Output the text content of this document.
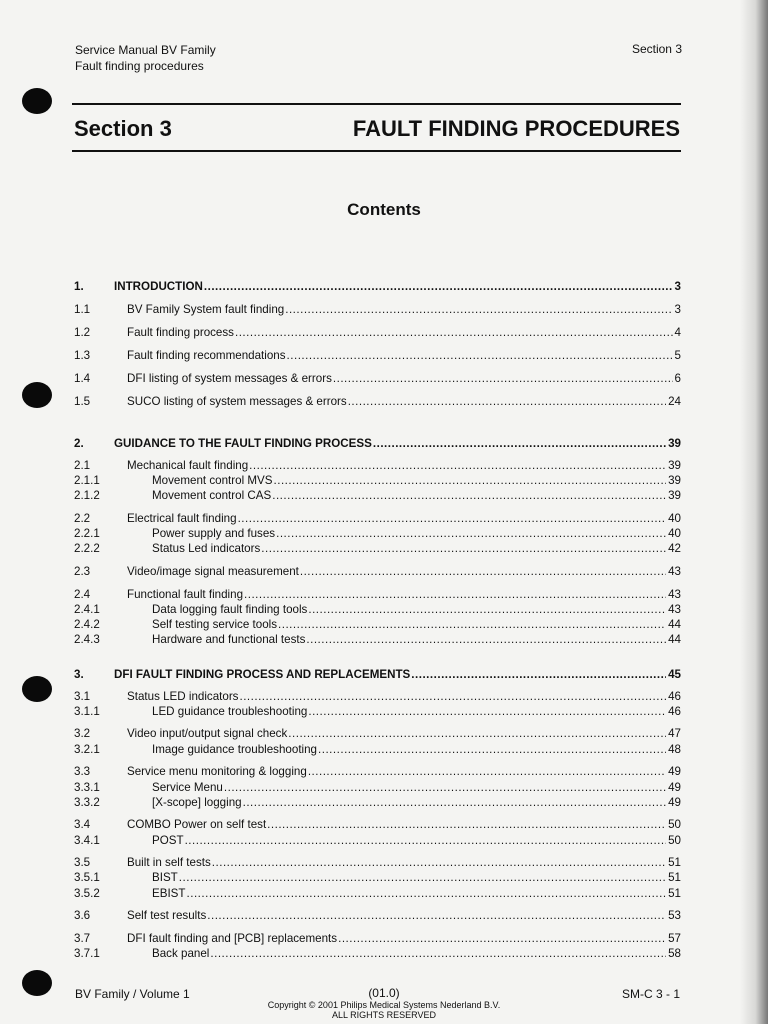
Service Manual BV Family
Fault finding procedures
Section 3
Section 3	FAULT FINDING PROCEDURES
Contents
1.	INTRODUCTION .....	3
1.1	BV Family System fault finding .....	3
1.2	Fault finding process .....	4
1.3	Fault finding recommendations .....	5
1.4	DFI listing of system messages & errors .....	6
1.5	SUCO listing of system messages & errors .....	24
2.	GUIDANCE TO THE FAULT FINDING PROCESS .....	39
2.1	Mechanical fault finding .....	39
2.1.1	Movement control MVS .....	39
2.1.2	Movement control CAS .....	39
2.2	Electrical fault finding .....	40
2.2.1	Power supply and fuses .....	40
2.2.2	Status Led indicators .....	42
2.3	Video/image signal measurement .....	43
2.4	Functional fault finding .....	43
2.4.1	Data logging fault finding tools .....	43
2.4.2	Self testing service tools .....	44
2.4.3	Hardware and functional tests .....	44
3.	DFI FAULT FINDING PROCESS AND REPLACEMENTS .....	45
3.1	Status LED indicators .....	46
3.1.1	LED guidance troubleshooting .....	46
3.2	Video input/output signal check .....	47
3.2.1	Image guidance troubleshooting .....	48
3.3	Service menu monitoring & logging .....	49
3.3.1	Service Menu .....	49
3.3.2	[X-scope] logging .....	49
3.4	COMBO Power on self test .....	50
3.4.1	POST .....	50
3.5	Built in self tests .....	51
3.5.1	BIST .....	51
3.5.2	EBIST .....	51
3.6	Self test results .....	53
3.7	DFI fault finding and [PCB] replacements .....	57
3.7.1	Back panel .....	58
BV Family / Volume 1	(01.0)
Copyright © 2001 Philips Medical Systems Nederland B.V.
ALL RIGHTS RESERVED
SM-C 3 - 1
